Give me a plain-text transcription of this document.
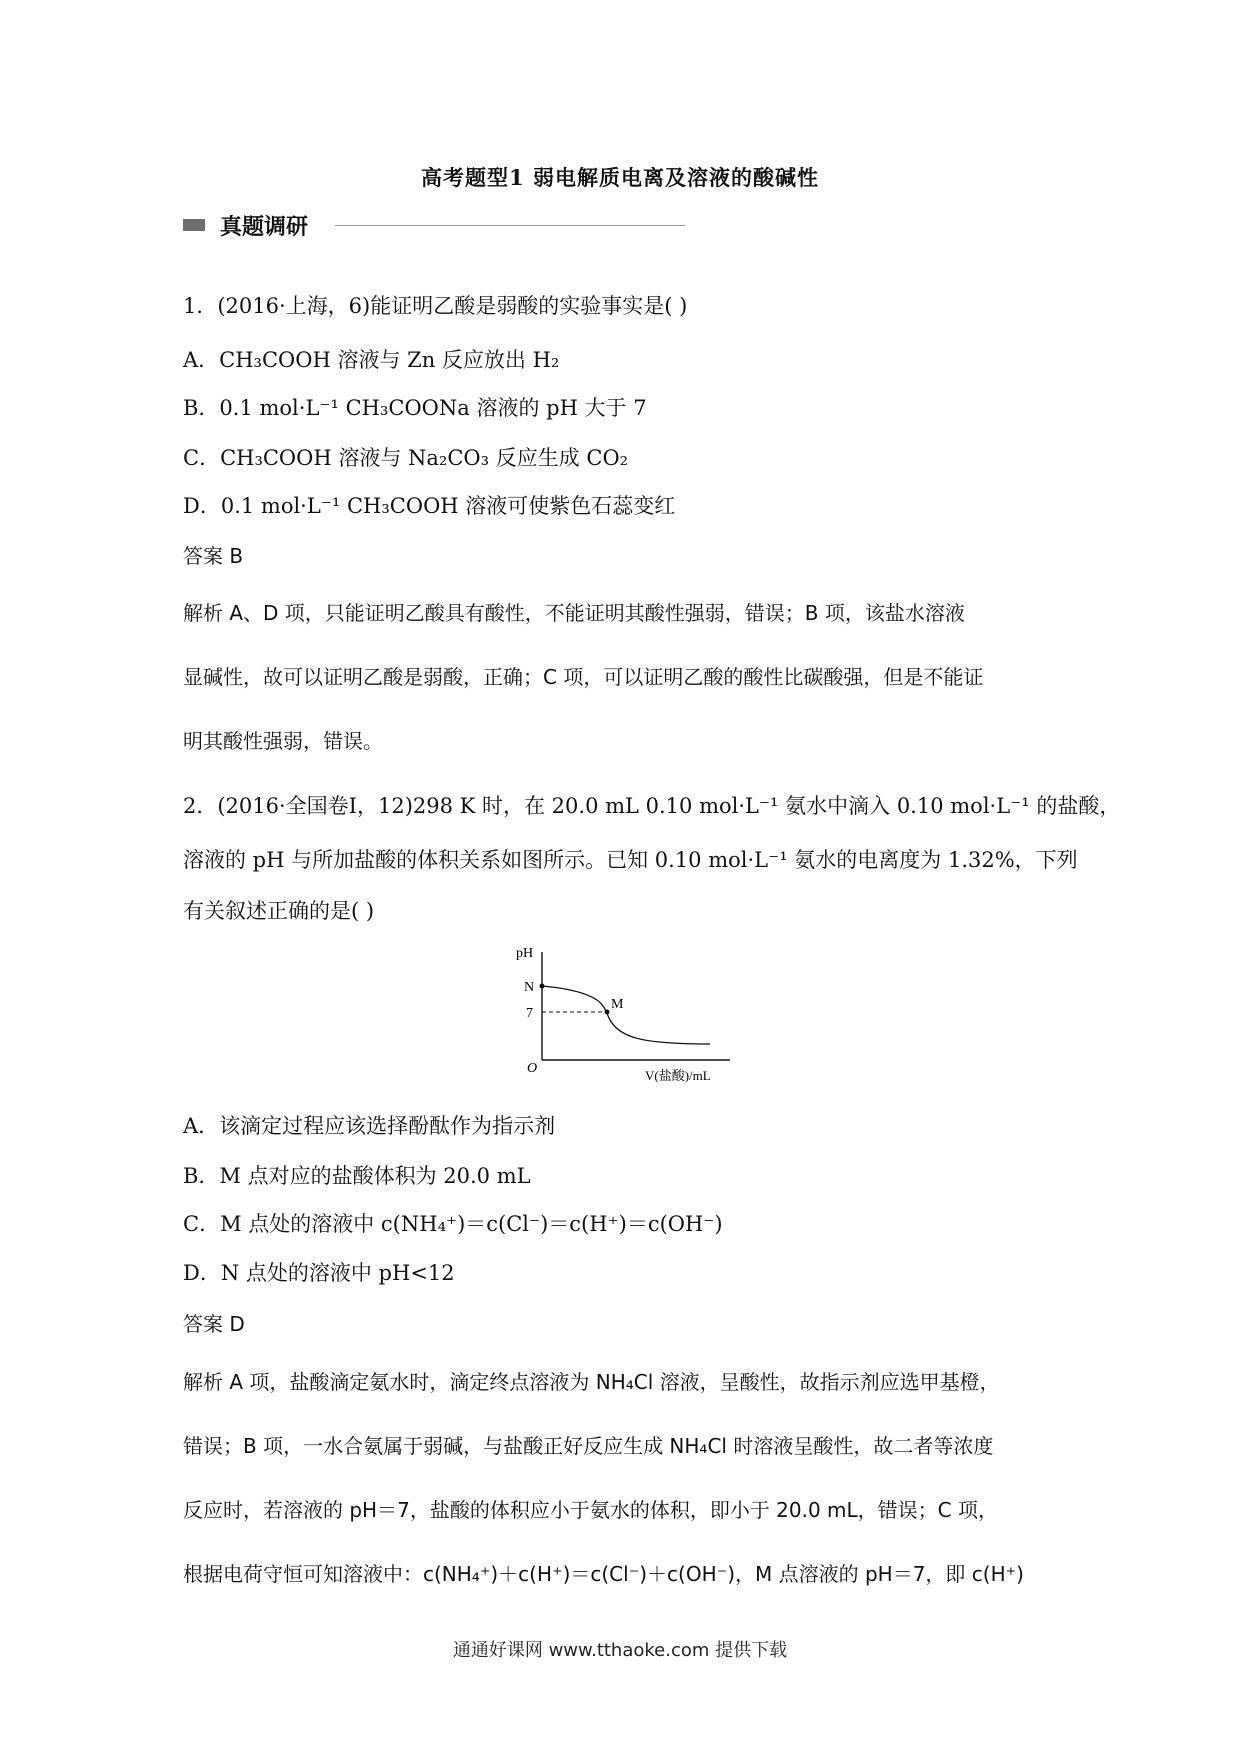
高考题型1 弱电解质电离及溶液的酸碱性
真题调研
1．(2016·上海，6)能证明乙酸是弱酸的实验事实是( )
A．CH₃COOH 溶液与 Zn 反应放出 H₂
B．0.1 mol·L⁻¹ CH₃COONa 溶液的 pH 大于 7
C．CH₃COOH 溶液与 Na₂CO₃ 反应生成 CO₂
D．0.1 mol·L⁻¹ CH₃COOH 溶液可使紫色石蕊变红
答案 B
解析 A、D 项，只能证明乙酸具有酸性，不能证明其酸性强弱，错误；B 项，该盐水溶液
显碱性，故可以证明乙酸是弱酸，正确；C 项，可以证明乙酸的酸性比碳酸强，但是不能证
明其酸性强弱，错误。
2．(2016·全国卷Ⅰ，12)298 K 时，在 20.0 mL 0.10 mol·L⁻¹ 氨水中滴入 0.10 mol·L⁻¹ 的盐酸，
溶液的 pH 与所加盐酸的体积关系如图所示。已知 0.10 mol·L⁻¹ 氨水的电离度为 1.32%，下列
有关叙述正确的是( )
pH
N
7
O	V(盐酸)/mL
M
A．该滴定过程应该选择酚酞作为指示剂
B．M 点对应的盐酸体积为 20.0 mL
C．M 点处的溶液中 c(NH₄⁺)＝c(Cl⁻)＝c(H⁺)＝c(OH⁻)
D．N 点处的溶液中 pH<12
答案 D
解析 A 项，盐酸滴定氨水时，滴定终点溶液为 NH₄Cl 溶液，呈酸性，故指示剂应选甲基橙，
错误；B 项，一水合氨属于弱碱，与盐酸正好反应生成 NH₄Cl 时溶液呈酸性，故二者等浓度
反应时，若溶液的 pH＝7，盐酸的体积应小于氨水的体积，即小于 20.0 mL，错误；C 项，
根据电荷守恒可知溶液中：c(NH₄⁺)＋c(H⁺)＝c(Cl⁻)＋c(OH⁻)，M 点溶液的 pH＝7，即 c(H⁺)
通通好课网 www.tthaoke.com 提供下载
